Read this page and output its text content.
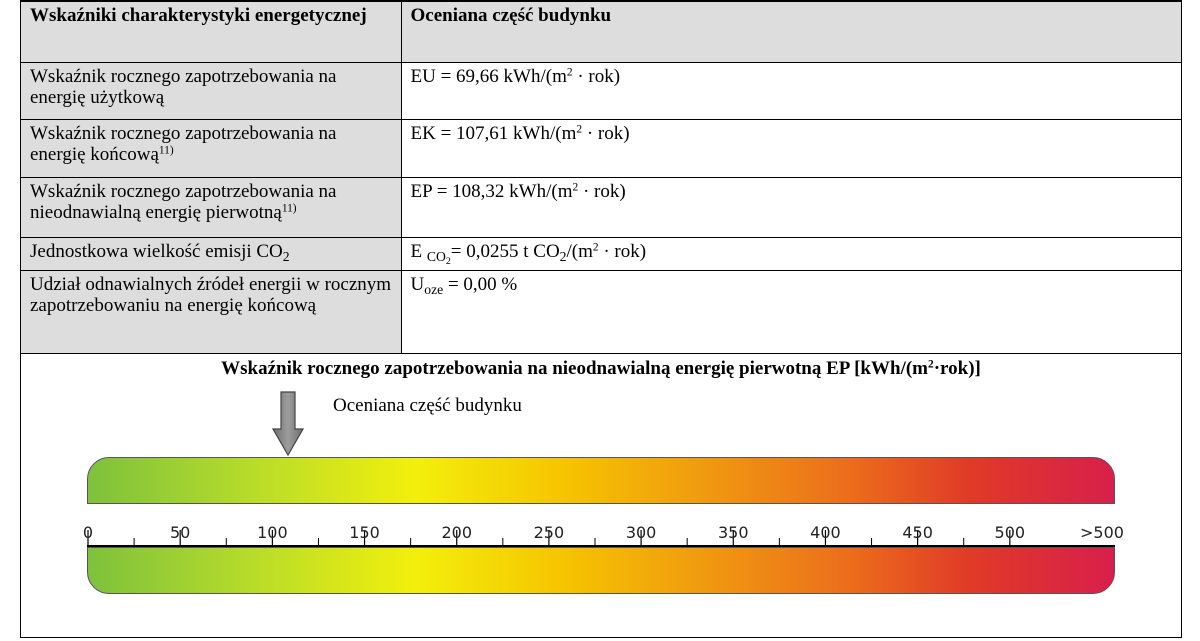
Wskaźniki charakterystyki energetycznej	Oceniana część budynku
Wskaźnik rocznego zapotrzebowania na energię użytkową	EU = 69,66 kWh/$(m^2 \cdot rok)$
Wskaźnik rocznego zapotrzebowania na energię końcową$^{11)}$	EK = 107,61 kWh/$(m^2 \cdot rok)$
Wskaźnik rocznego zapotrzebowania na nieodnawialną energię pierwotną$^{11)}$	EP = 108,32 kWh/$(m^2 \cdot rok)$
Jednostkowa wielkość emisji $CO_2$	E $_{CO_2}$= 0,0255 t $CO_2/(m^2 \cdot rok)$
Udział odnawialnych źródeł energii w rocznym zapotrzebowaniu na energię końcową	$U_{oze} = 0,00$ %
Wskaźnik rocznego zapotrzebowania na nieodnawialną energię pierwotną EP $[kWh/(m^2\cdot rok)]$
Oceniana część budynku
0	50	100	150	200	250	300	350	400	450	500	>500
